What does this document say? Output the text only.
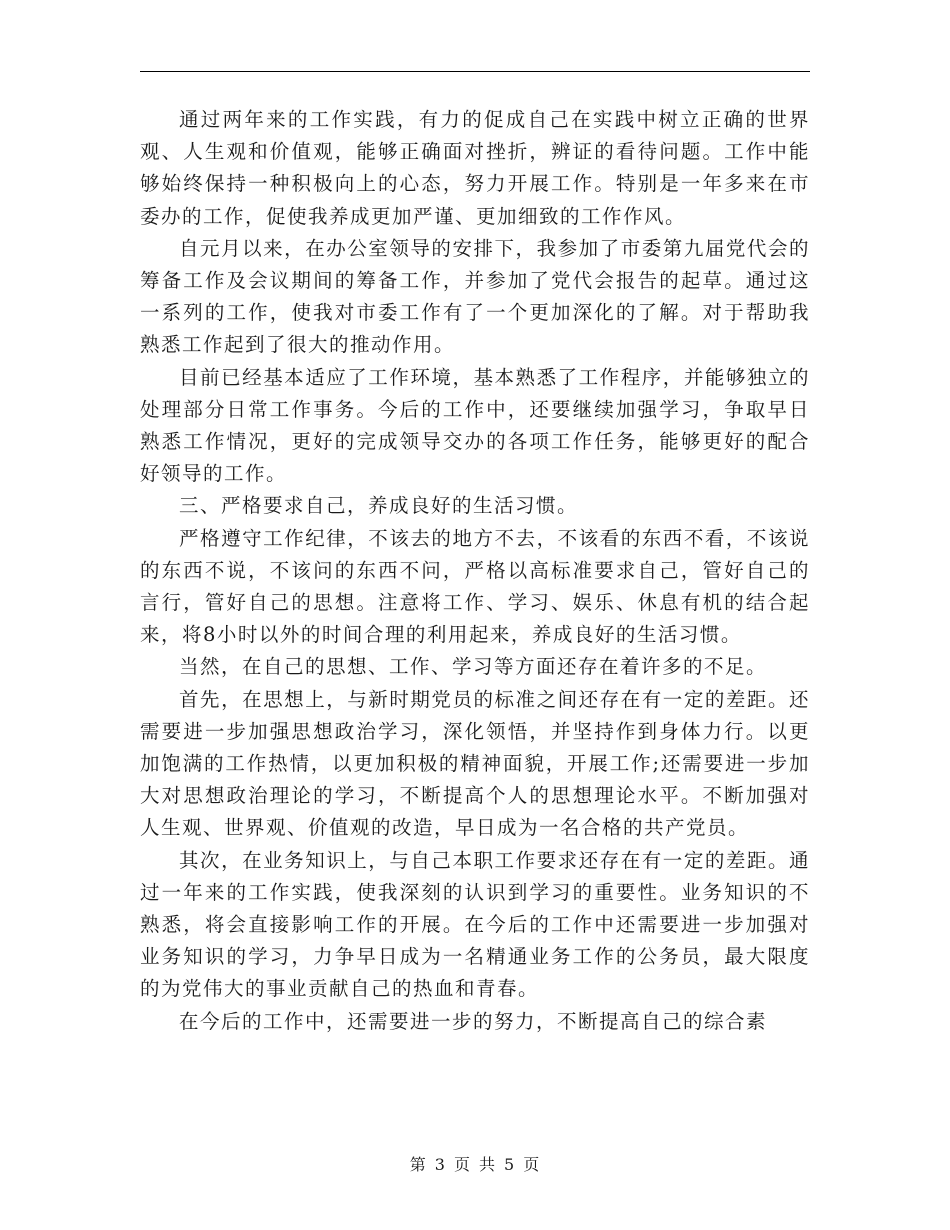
通过两年来的工作实践，有力的促成自己在实践中树立正确的世界观、人生观和价值观，能够正确面对挫折，辨证的看待问题。工作中能够始终保持一种积极向上的心态，努力开展工作。特别是一年多来在市委办的工作，促使我养成更加严谨、更加细致的工作作风。

自元月以来，在办公室领导的安排下，我参加了市委第九届党代会的筹备工作及会议期间的筹备工作，并参加了党代会报告的起草。通过这一系列的工作，使我对市委工作有了一个更加深化的了解。对于帮助我熟悉工作起到了很大的推动作用。

目前已经基本适应了工作环境，基本熟悉了工作程序，并能够独立的处理部分日常工作事务。今后的工作中，还要继续加强学习，争取早日熟悉工作情况，更好的完成领导交办的各项工作任务，能够更好的配合好领导的工作。

三、严格要求自己，养成良好的生活习惯。

严格遵守工作纪律，不该去的地方不去，不该看的东西不看，不该说的东西不说，不该问的东西不问，严格以高标准要求自己，管好自己的言行，管好自己的思想。注意将工作、学习、娱乐、休息有机的结合起来，将8小时以外的时间合理的利用起来，养成良好的生活习惯。

当然，在自己的思想、工作、学习等方面还存在着许多的不足。

首先，在思想上，与新时期党员的标准之间还存在有一定的差距。还需要进一步加强思想政治学习，深化领悟，并坚持作到身体力行。以更加饱满的工作热情，以更加积极的精神面貌，开展工作;还需要进一步加大对思想政治理论的学习，不断提高个人的思想理论水平。不断加强对人生观、世界观、价值观的改造，早日成为一名合格的共产党员。

其次，在业务知识上，与自己本职工作要求还存在有一定的差距。通过一年来的工作实践，使我深刻的认识到学习的重要性。业务知识的不熟悉，将会直接影响工作的开展。在今后的工作中还需要进一步加强对业务知识的学习，力争早日成为一名精通业务工作的公务员，最大限度的为党伟大的事业贡献自己的热血和青春。

在今后的工作中，还需要进一步的努力，不断提高自己的综合素

第 3 页 共 5 页
